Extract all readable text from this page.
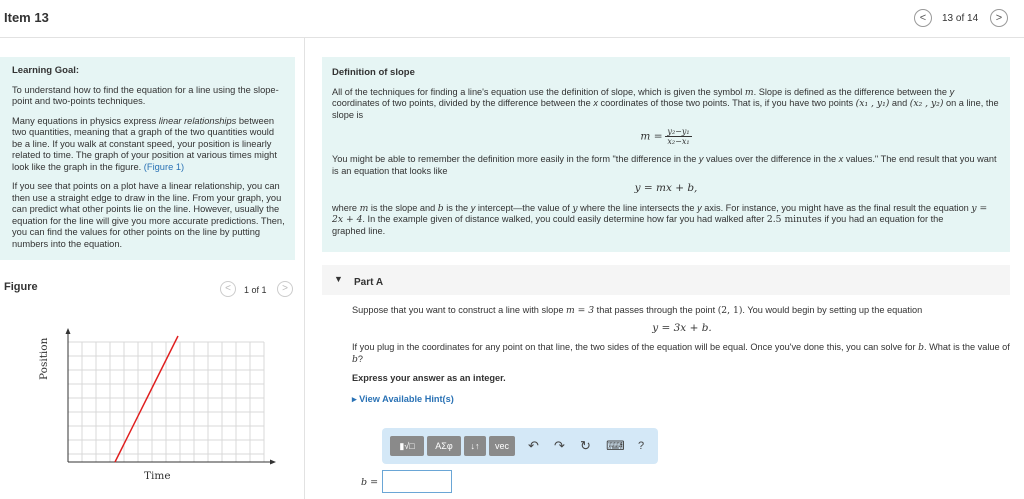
Item 13	<	13 of 14	>
Learning Goal:

To understand how to find the equation for a line using the slope-point and two-points techniques.

Many equations in physics express linear relationships between two quantities, meaning that a graph of the two quantities would be a line. If you walk at constant speed, your position is linearly related to time. The graph of your position at various times might look like the graph in the figure. (Figure 1)

If you see that points on a plot have a linear relationship, you can then use a straight edge to draw in the line. From your graph, you can predict what other points lie on the line. However, usually the equation for the line will give you more accurate predictions. Then, you can find the values for other points on the line by putting numbers into the equation.

Figure	<	1 of 1	>
Position
Time
Definition of slope

All of the techniques for finding a line's equation use the definition of slope, which is given the symbol m. Slope is defined as the difference between the y coordinates of two points, divided by the difference between the x coordinates of those two points. That is, if you have two points (x₁ , y₁) and (x₂ , y₂) on a line, the slope is

$m = \frac{\text{y₂−y₁}}{\text{x₂−x₁}}$

You might be able to remember the definition more easily in the form "the difference in the y values over the difference in the x values." The end result that you want is an equation that looks like

y = mx + b,

where m is the slope and b is the y intercept—the value of y where the line intersects the y axis. For instance, you might have as the final result the equation y = 2x + 4. In the example given of distance walked, you could easily determine how far you had walked after 2.5 minutes if you had an equation for the
graphed line.

▼ Part A

Suppose that you want to construct a line with slope m = 3 that passes through the point (2, 1). You would begin by setting up the equation

y = 3x + b.

If you plug in the coordinates for any point on that line, the two sides of the equation will be equal. Once you've done this, you can solve for b. What is the value of b?

Express your answer as an integer.

▸ View Available Hint(s)

▮√□	ΑΣφ	↓↑	vec	↶ ↷ ↻ ⌨ ?
b =
